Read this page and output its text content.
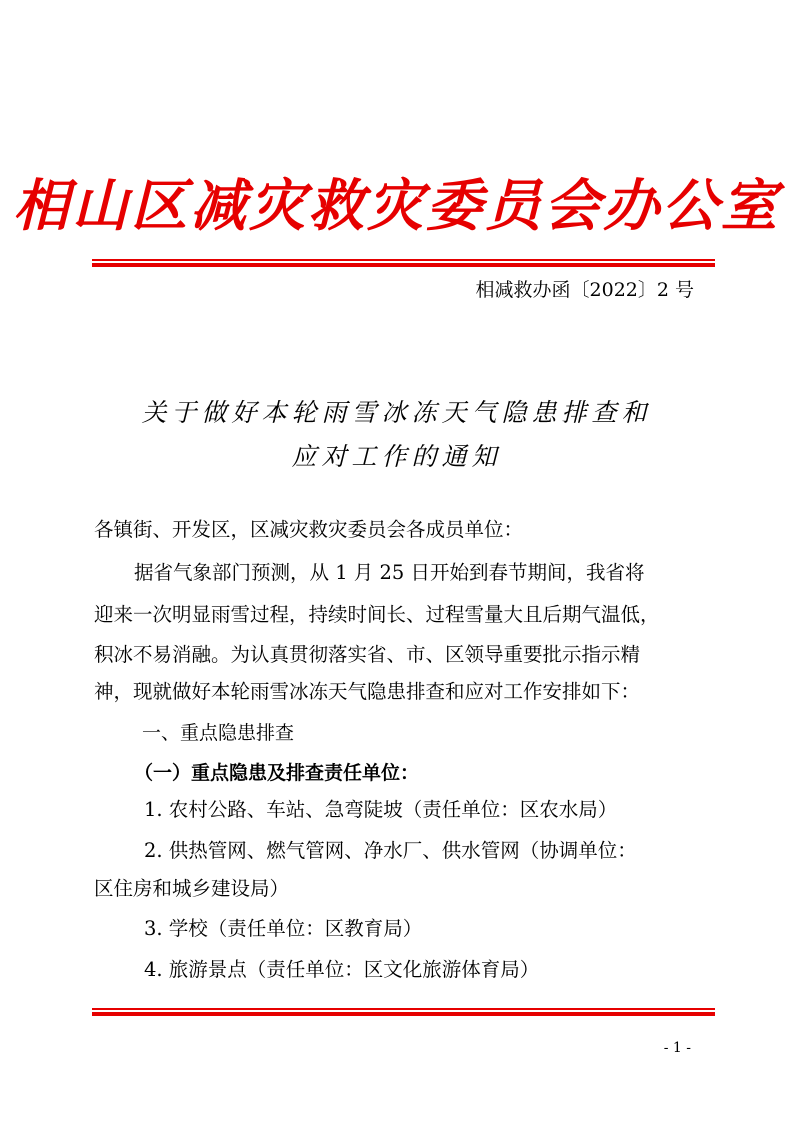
相山区减灾救灾委员会办公室
相减救办函〔2022〕2 号
关于做好本轮雨雪冰冻天气隐患排查和
应对工作的通知
各镇街、开发区，区减灾救灾委员会各成员单位：
据省气象部门预测，从 1 月 25 日开始到春节期间，我省将
迎来一次明显雨雪过程，持续时间长、过程雪量大且后期气温低，
积冰不易消融。为认真贯彻落实省、市、区领导重要批示指示精
神，现就做好本轮雨雪冰冻天气隐患排查和应对工作安排如下：
一、重点隐患排查
（一）重点隐患及排查责任单位：
1. 农村公路、车站、急弯陡坡（责任单位：区农水局）
2. 供热管网、燃气管网、净水厂、供水管网（协调单位：
区住房和城乡建设局）
3. 学校（责任单位：区教育局）
4. 旅游景点（责任单位：区文化旅游体育局）
- 1 -
